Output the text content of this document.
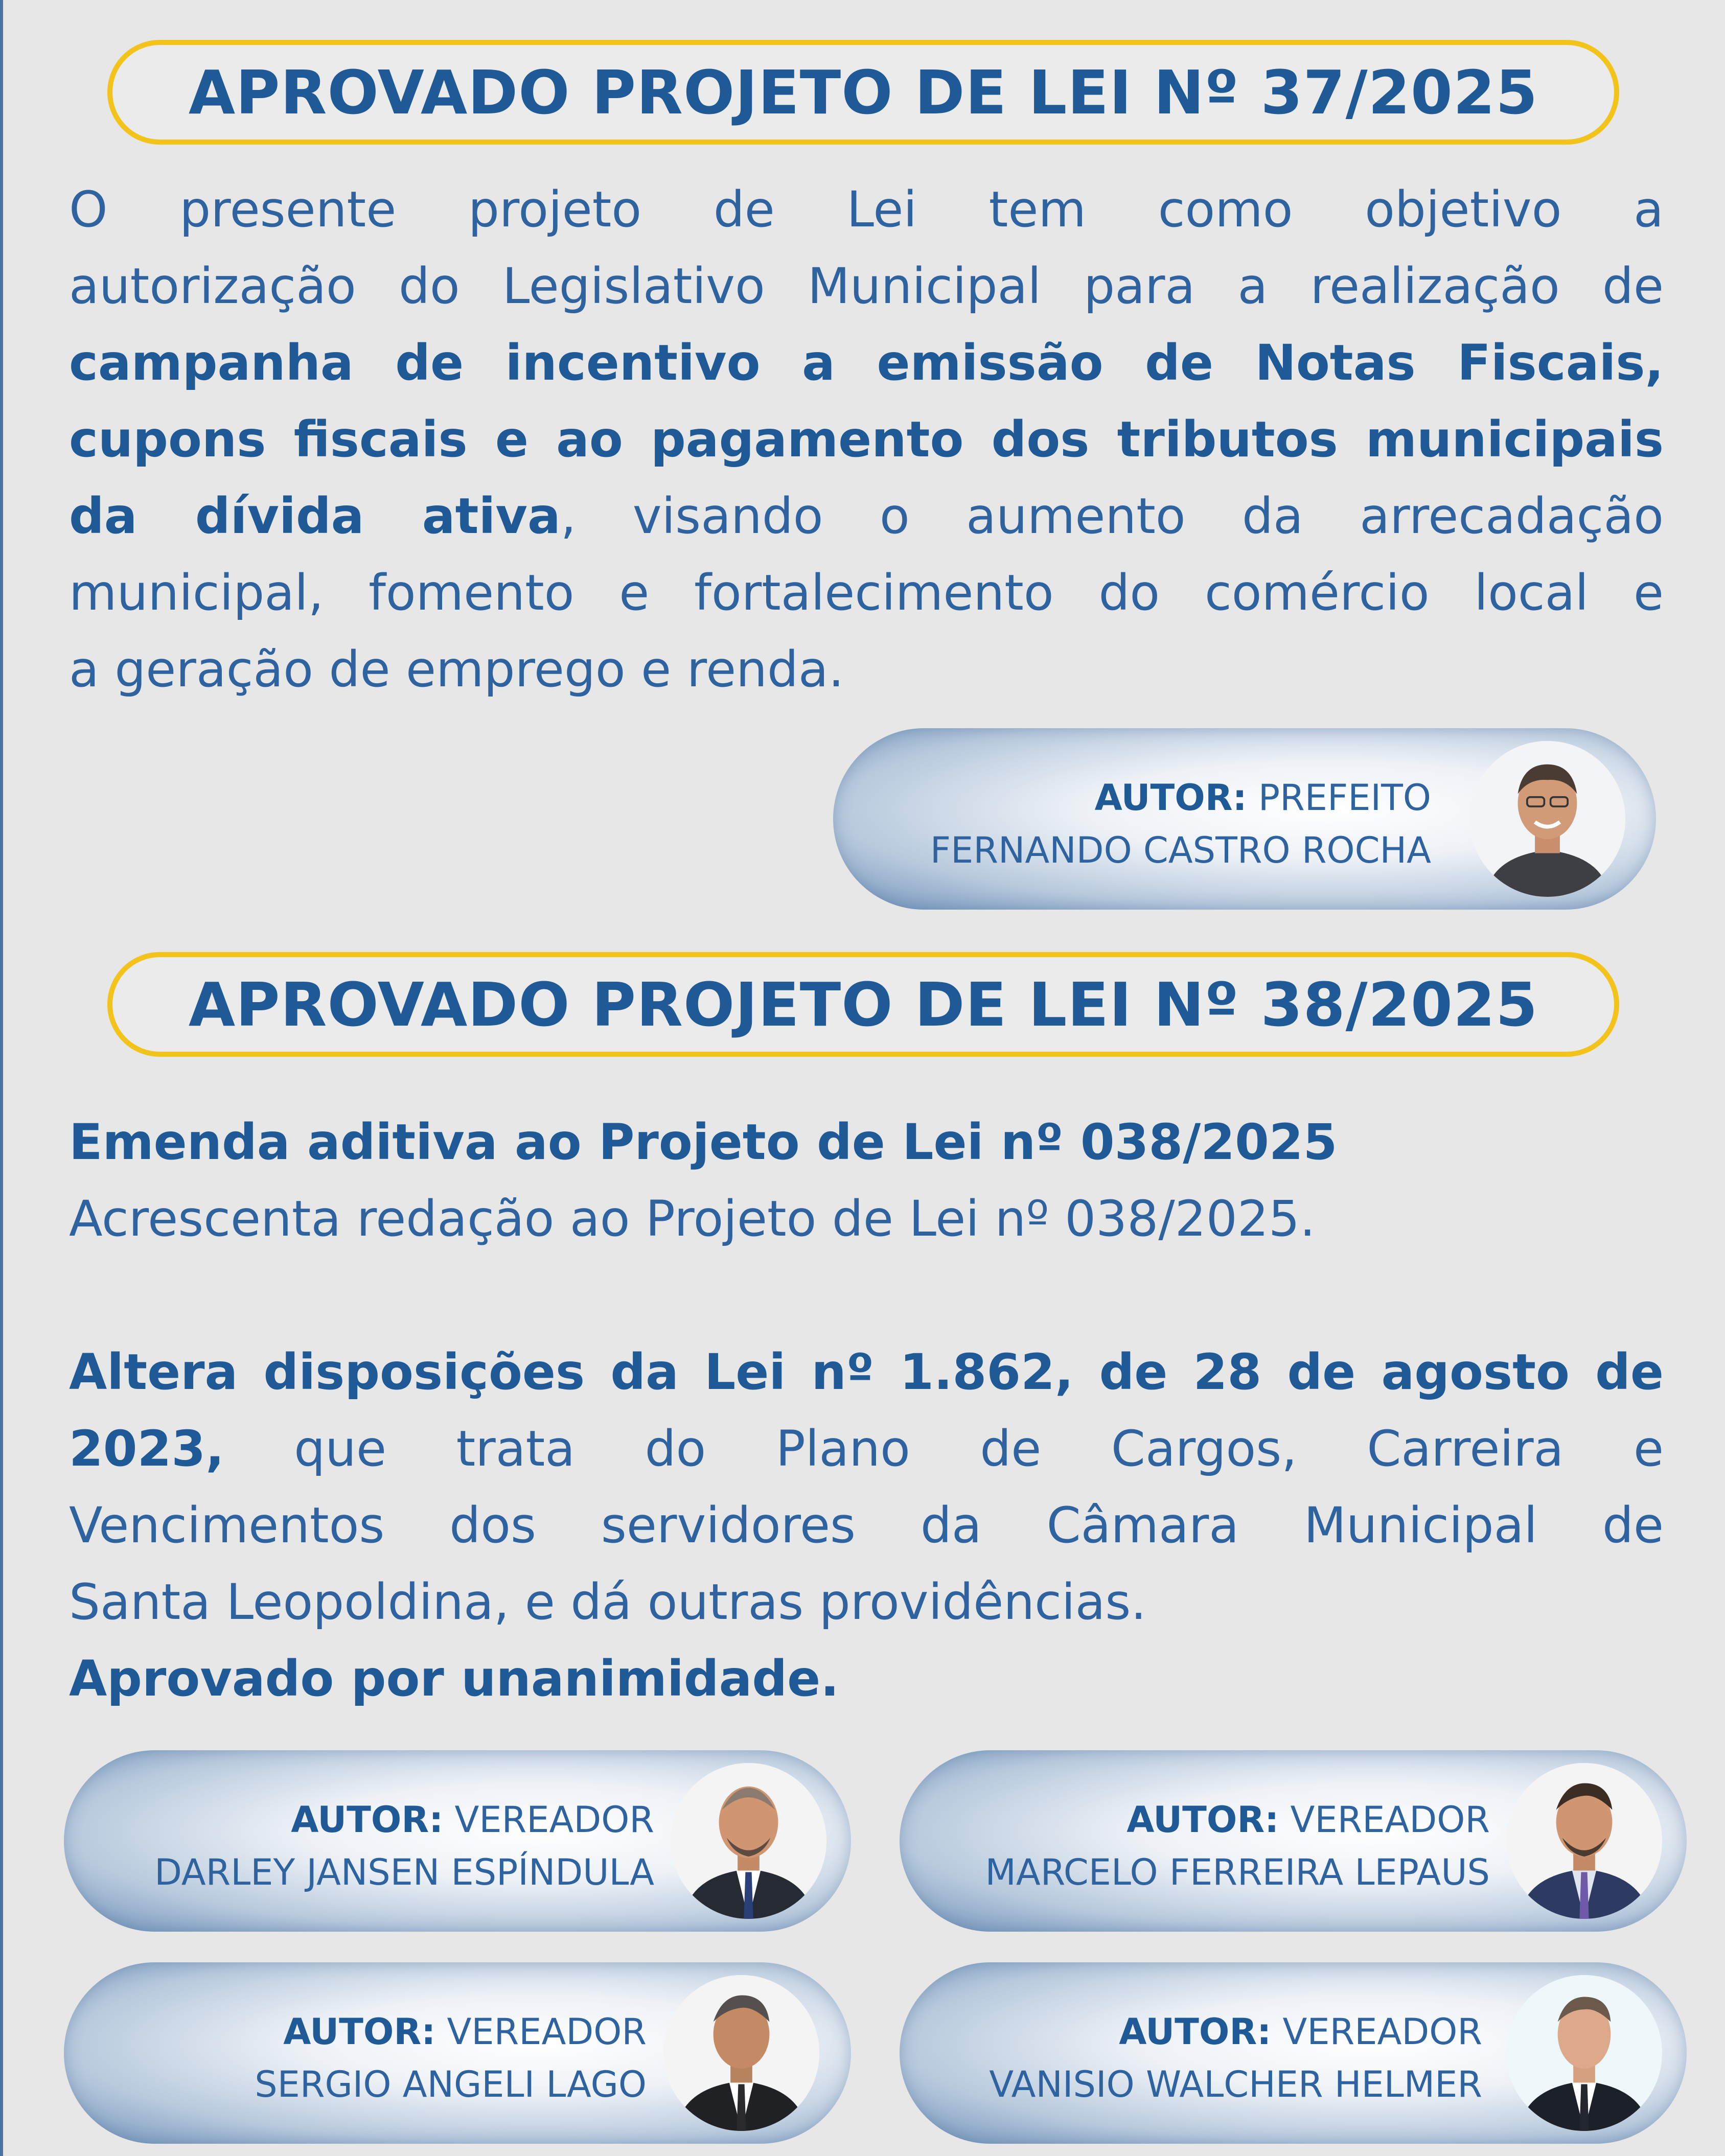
APROVADO PROJETO DE LEI Nº 37/2025
O presente projeto de Lei tem como objetivo a
autorização do Legislativo Municipal para a realização de
campanha de incentivo a emissão de Notas Fiscais,
cupons fiscais e ao pagamento dos tributos municipais
da dívida ativa, visando o aumento da arrecadação
municipal, fomento e fortalecimento do comércio local e
a geração de emprego e renda.
AUTOR: PREFEITO
FERNANDO CASTRO ROCHA
APROVADO PROJETO DE LEI Nº 38/2025
Emenda aditiva ao Projeto de Lei nº 038/2025
Acrescenta redação ao Projeto de Lei nº 038/2025.
Altera disposições da Lei nº 1.862, de 28 de agosto de
2023, que trata do Plano de Cargos, Carreira e
Vencimentos dos servidores da Câmara Municipal de
Santa Leopoldina, e dá outras providências.
Aprovado por unanimidade.
AUTOR: VEREADOR
DARLEY JANSEN ESPÍNDULA
AUTOR: VEREADOR
MARCELO FERREIRA LEPAUS
AUTOR: VEREADOR
SERGIO ANGELI LAGO
AUTOR: VEREADOR
VANISIO WALCHER HELMER
